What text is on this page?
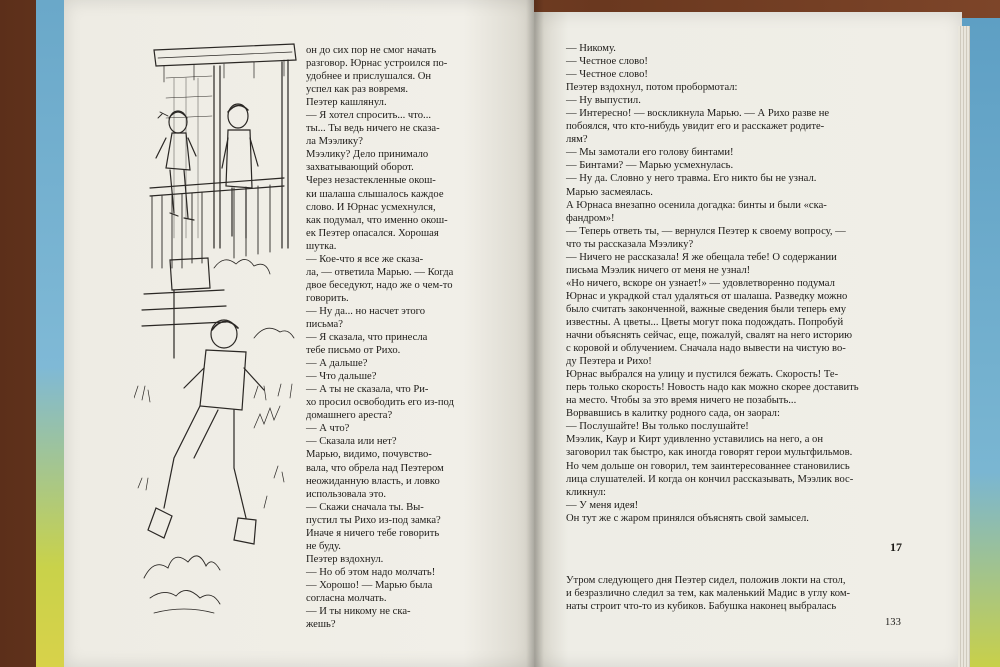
он до сих пор не смог начать
разговор. Юрнас устроился по-
удобнее и прислушался. Он
успел как раз вовремя.
Пеэтер кашлянул.
— Я хотел спросить... что...
ты... Ты ведь ничего не сказа-
ла Мээлику?
Мээлику? Дело принимало
захватывающий оборот.
Через незастекленные окош-
ки шалаша слышалось каждое
слово. И Юрнас усмехнулся,
как подумал, что именно окош-
ек Пеэтер опасался. Хорошая
шутка.
— Кое-что я все же сказа-
ла, — ответила Марью. — Когда
двое беседуют, надо же о чем-то
говорить.
— Ну да... но насчет этого
письма?
— Я сказала, что принесла
тебе письмо от Рихо.
— А дальше?
— Что дальше?
— А ты не сказала, что Ри-
хо просил освободить его из-под
домашнего ареста?
— А что?
— Сказала или нет?
Марью, видимо, почувство-
вала, что обрела над Пеэтером
неожиданную власть, и ловко
использовала это.
— Скажи сначала ты. Вы-
пустил ты Рихо из-под замка?
Иначе я ничего тебе говорить
не буду.
Пеэтер вздохнул.
— Но об этом надо молчать!
— Хорошо! — Марью была
согласна молчать.
— И ты никому не ска-
жешь?
— Никому.
— Честное слово!
— Честное слово!
Пеэтер вздохнул, потом пробормотал:
— Ну выпустил.
— Интересно! — воскликнула Марью. — А Рихо разве не
побоялся, что кто-нибудь увидит его и расскажет родите-
лям?
— Мы замотали его голову бинтами!
— Бинтами? — Марью усмехнулась.
— Ну да. Словно у него травма. Его никто бы не узнал.
Марью засмеялась.
А Юрнаса внезапно осенила догадка: бинты и были «ска-
фандром»!
— Теперь ответь ты, — вернулся Пеэтер к своему вопросу, —
что ты рассказала Мээлику?
— Ничего не рассказала! Я же обещала тебе! О содержании
письма Мээлик ничего от меня не узнал!
«Но ничего, вскоре он узнает!» — удовлетворенно подумал
Юрнас и укрaдкой стал удаляться от шалаша. Разведку можно
было считать законченной, важные сведения были теперь ему
известны. А цветы... Цветы могут пока подождать. Попробуй
начни объяснять сейчас, еще, пожалуй, свалят на него историю
с коровой и облучением. Сначала надо вывести на чистую во-
ду Пеэтера и Рихо!
Юрнас выбрался на улицу и пустился бежать. Скорость! Те-
перь только скорость! Новость надо как можно скорее доставить
на место. Чтобы за это время ничего не позабыть...
Ворвавшись в калитку родного сада, он заорал:
— Послушайте! Вы только послушайте!
Мээлик, Каур и Кирт удивленно уставились на него, а он
заговорил так быстро, как иногда говорят герои мультфильмов.
Но чем дольше он говорил, тем заинтересованнее становились
лица слушателей. И когда он кончил рассказывать, Мээлик вос-
кликнул:
— У меня идея!
Он тут же с жаром принялся объяснять свой замысел.
17
Утром следующего дня Пеэтер сидел, положив локти на стол,
и безразлично следил за тем, как маленький Мадис в углу ком-
наты строит что-то из кубиков. Бабушка наконец выбралась
133
